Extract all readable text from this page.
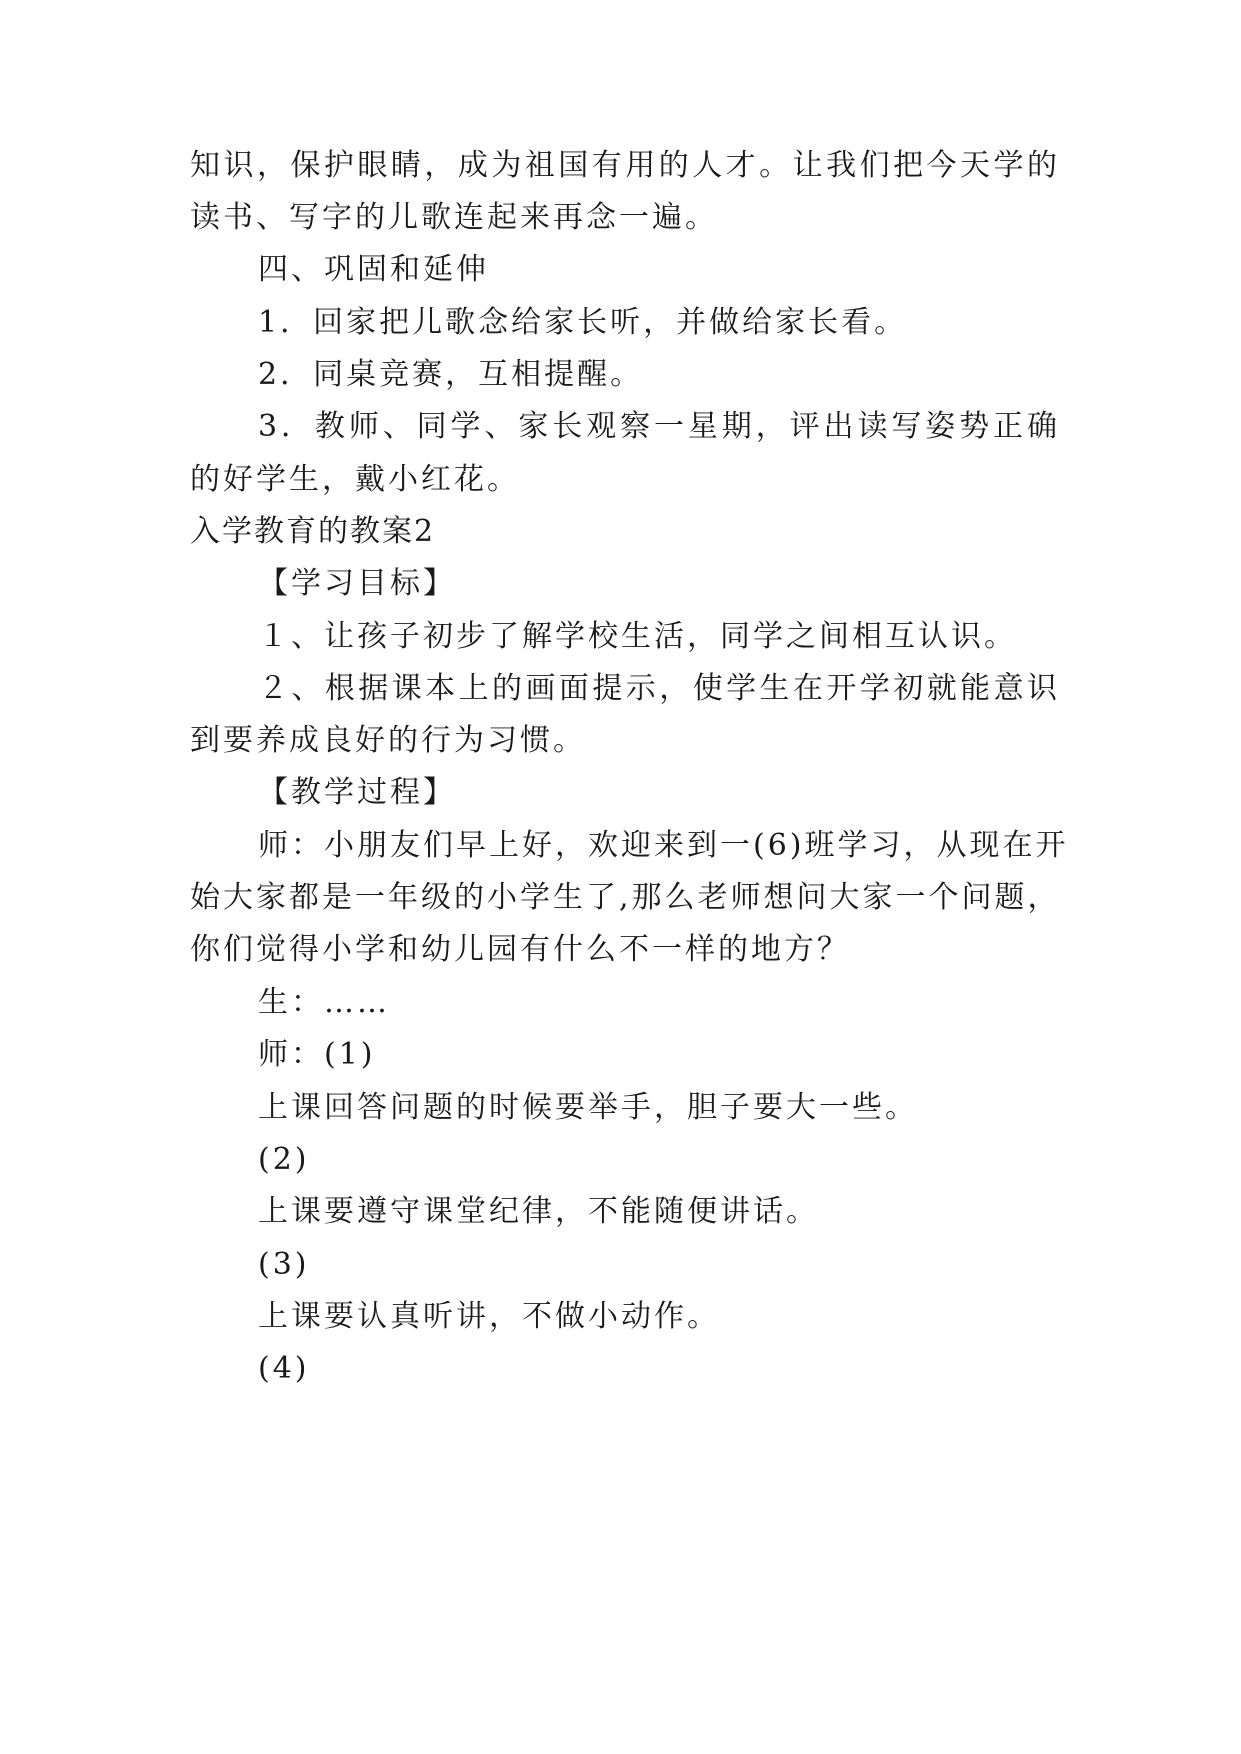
知识，保护眼睛，成为祖国有用的人才。让我们把今天学的
读书、写字的儿歌连起来再念一遍。
四、巩固和延伸
1．回家把儿歌念给家长听，并做给家长看。
2．同桌竞赛，互相提醒。
3．教师、同学、家长观察一星期，评出读写姿势正确
的好学生，戴小红花。
入学教育的教案2
【学习目标】
１、让孩子初步了解学校生活，同学之间相互认识。
２、根据课本上的画面提示，使学生在开学初就能意识
到要养成良好的行为习惯。
【教学过程】
师：小朋友们早上好，欢迎来到一(6)班学习，从现在开
始大家都是一年级的小学生了,那么老师想问大家一个问题，
你们觉得小学和幼儿园有什么不一样的地方？
生：……
师：(1)
上课回答问题的时候要举手，胆子要大一些。
(2)
上课要遵守课堂纪律，不能随便讲话。
(3)
上课要认真听讲，不做小动作。
(4)
